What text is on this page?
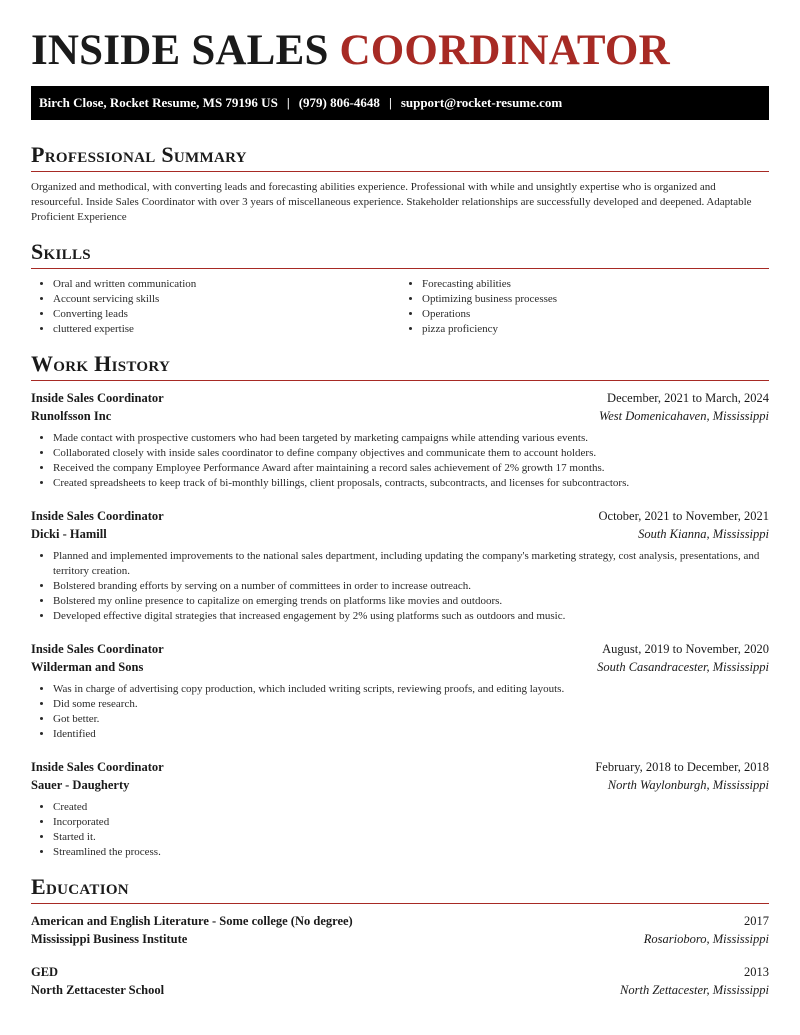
INSIDE SALES COORDINATOR
Birch Close, Rocket Resume, MS 79196 US | (979) 806-4648 | support@rocket-resume.com
Professional Summary
Organized and methodical, with converting leads and forecasting abilities experience. Professional with while and unsightly expertise who is organized and resourceful. Inside Sales Coordinator with over 3 years of miscellaneous experience. Stakeholder relationships are successfully developed and deepened. Adaptable Proficient Experience
Skills
• Oral and written communication
• Account servicing skills
• Converting leads
• cluttered expertise
• Forecasting abilities
• Optimizing business processes
• Operations
• pizza proficiency
Work History
Inside Sales Coordinator	December, 2021 to March, 2024
Runolfsson Inc	West Domenicahaven, Mississippi
• Made contact with prospective customers who had been targeted by marketing campaigns while attending various events.
• Collaborated closely with inside sales coordinator to define company objectives and communicate them to account holders.
• Received the company Employee Performance Award after maintaining a record sales achievement of 2% growth 17 months.
• Created spreadsheets to keep track of bi-monthly billings, client proposals, contracts, subcontracts, and licenses for subcontractors.
Inside Sales Coordinator	October, 2021 to November, 2021
Dicki - Hamill	South Kianna, Mississippi
• Planned and implemented improvements to the national sales department, including updating the company's marketing strategy, cost analysis, presentations, and territory creation.
• Bolstered branding efforts by serving on a number of committees in order to increase outreach.
• Bolstered my online presence to capitalize on emerging trends on platforms like movies and outdoors.
• Developed effective digital strategies that increased engagement by 2% using platforms such as outdoors and music.
Inside Sales Coordinator	August, 2019 to November, 2020
Wilderman and Sons	South Casandracester, Mississippi
• Was in charge of advertising copy production, which included writing scripts, reviewing proofs, and editing layouts.
• Did some research.
• Got better.
• Identified
Inside Sales Coordinator	February, 2018 to December, 2018
Sauer - Daugherty	North Waylonburgh, Mississippi
• Created
• Incorporated
• Started it.
• Streamlined the process.
Education
American and English Literature - Some college (No degree)	2017
Mississippi Business Institute	Rosarioboro, Mississippi
GED	2013
North Zettacester School	North Zettacester, Mississippi
